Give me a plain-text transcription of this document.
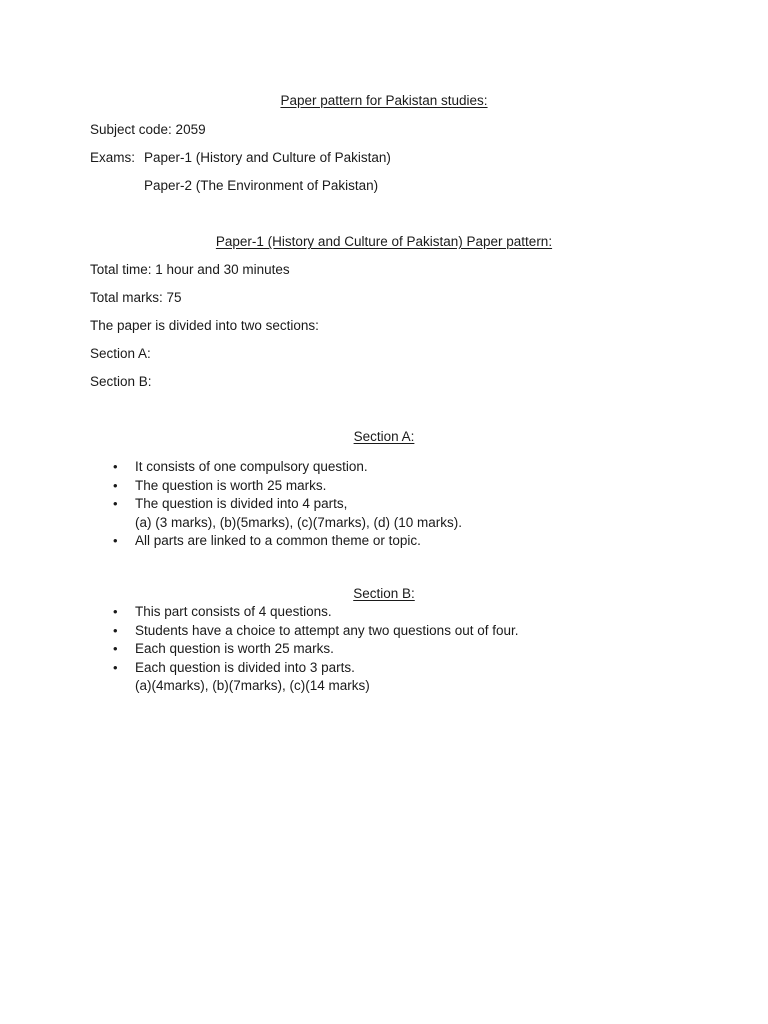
Paper pattern for Pakistan studies:
Subject code: 2059
Exams: Paper-1 (History and Culture of Pakistan)
Paper-2 (The Environment of Pakistan)
Paper-1 (History and Culture of Pakistan) Paper pattern:
Total time: 1 hour and 30 minutes
Total marks: 75
The paper is divided into two sections:
Section A:
Section B:
Section A:
• It consists of one compulsory question.
• The question is worth 25 marks.
• The question is divided into 4 parts,
(a) (3 marks), (b)(5marks), (c)(7marks), (d) (10 marks).
• All parts are linked to a common theme or topic.
Section B:
• This part consists of 4 questions.
• Students have a choice to attempt any two questions out of four.
• Each question is worth 25 marks.
• Each question is divided into 3 parts.
(a)(4marks), (b)(7marks), (c)(14 marks)
